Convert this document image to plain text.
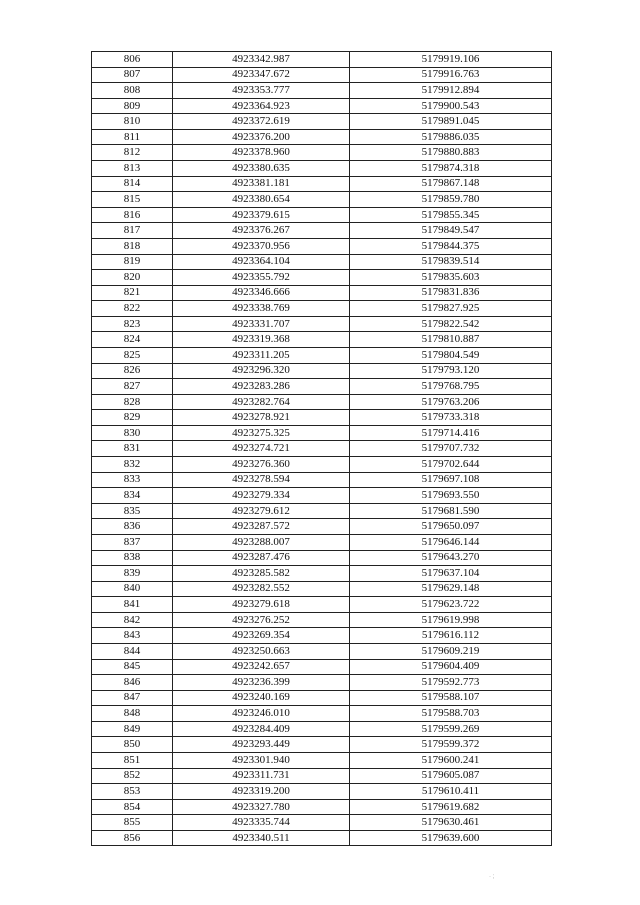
806	4923342.987	5179919.106
807	4923347.672	5179916.763
808	4923353.777	5179912.894
809	4923364.923	5179900.543
810	4923372.619	5179891.045
811	4923376.200	5179886.035
812	4923378.960	5179880.883
813	4923380.635	5179874.318
814	4923381.181	5179867.148
815	4923380.654	5179859.780
816	4923379.615	5179855.345
817	4923376.267	5179849.547
818	4923370.956	5179844.375
819	4923364.104	5179839.514
820	4923355.792	5179835.603
821	4923346.666	5179831.836
822	4923338.769	5179827.925
823	4923331.707	5179822.542
824	4923319.368	5179810.887
825	4923311.205	5179804.549
826	4923296.320	5179793.120
827	4923283.286	5179768.795
828	4923282.764	5179763.206
829	4923278.921	5179733.318
830	4923275.325	5179714.416
831	4923274.721	5179707.732
832	4923276.360	5179702.644
833	4923278.594	5179697.108
834	4923279.334	5179693.550
835	4923279.612	5179681.590
836	4923287.572	5179650.097
837	4923288.007	5179646.144
838	4923287.476	5179643.270
839	4923285.582	5179637.104
840	4923282.552	5179629.148
841	4923279.618	5179623.722
842	4923276.252	5179619.998
843	4923269.354	5179616.112
844	4923250.663	5179609.219
845	4923242.657	5179604.409
846	4923236.399	5179592.773
847	4923240.169	5179588.107
848	4923246.010	5179588.703
849	4923284.409	5179599.269
850	4923293.449	5179599.372
851	4923301.940	5179600.241
852	4923311.731	5179605.087
853	4923319.200	5179610.411
854	4923327.780	5179619.682
855	4923335.744	5179630.461
856	4923340.511	5179639.600
· ;
